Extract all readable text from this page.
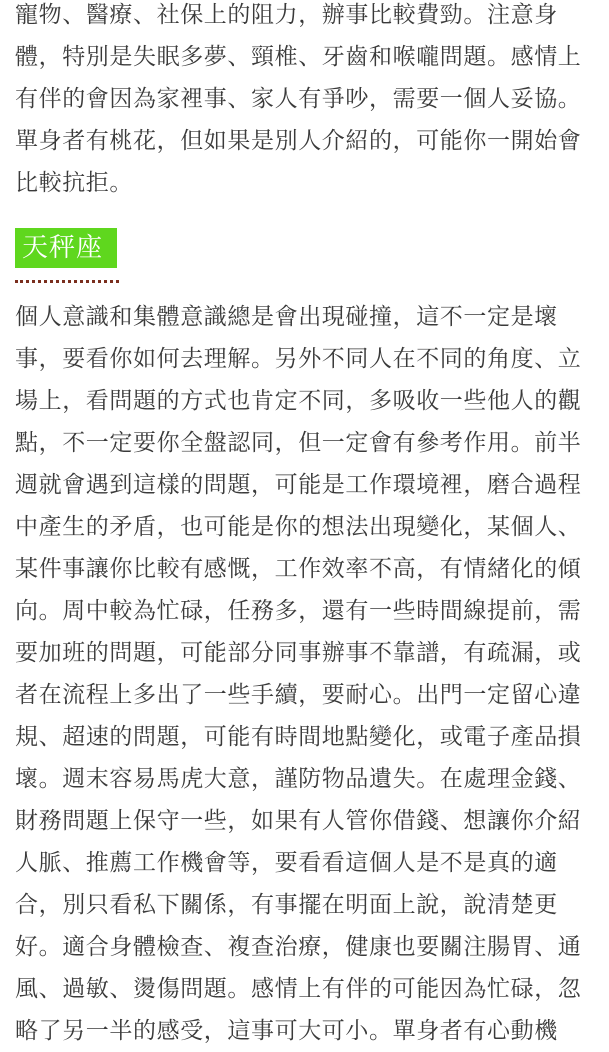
寵物、醫療、社保上的阻力，辦事比較費勁。注意身
體，特別是失眠多夢、頸椎、牙齒和喉嚨問題。感情上
有伴的會因為家裡事、家人有爭吵，需要一個人妥協。
單身者有桃花，但如果是別人介紹的，可能你一開始會
比較抗拒。
天秤座
個人意識和集體意識總是會出現碰撞，這不一定是壞
事，要看你如何去理解。另外不同人在不同的角度、立
場上，看問題的方式也肯定不同，多吸收一些他人的觀
點，不一定要你全盤認同，但一定會有參考作用。前半
週就會遇到這樣的問題，可能是工作環境裡，磨合過程
中產生的矛盾，也可能是你的想法出現變化，某個人、
某件事讓你比較有感慨，工作效率不高，有情緒化的傾
向。周中較為忙碌，任務多，還有一些時間線提前，需
要加班的問題，可能部分同事辦事不靠譜，有疏漏，或
者在流程上多出了一些手續，要耐心。出門一定留心違
規、超速的問題，可能有時間地點變化，或電子產品損
壞。週末容易馬虎大意，謹防物品遺失。在處理金錢、
財務問題上保守一些，如果有人管你借錢、想讓你介紹
人脈、推薦工作機會等，要看看這個人是不是真的適
合，別只看私下關係，有事擺在明面上說，說清楚更
好。適合身體檢查、複查治療，健康也要關注腸胃、通
風、過敏、燙傷問題。感情上有伴的可能因為忙碌，忽
略了另一半的感受，這事可大可小。單身者有心動機
